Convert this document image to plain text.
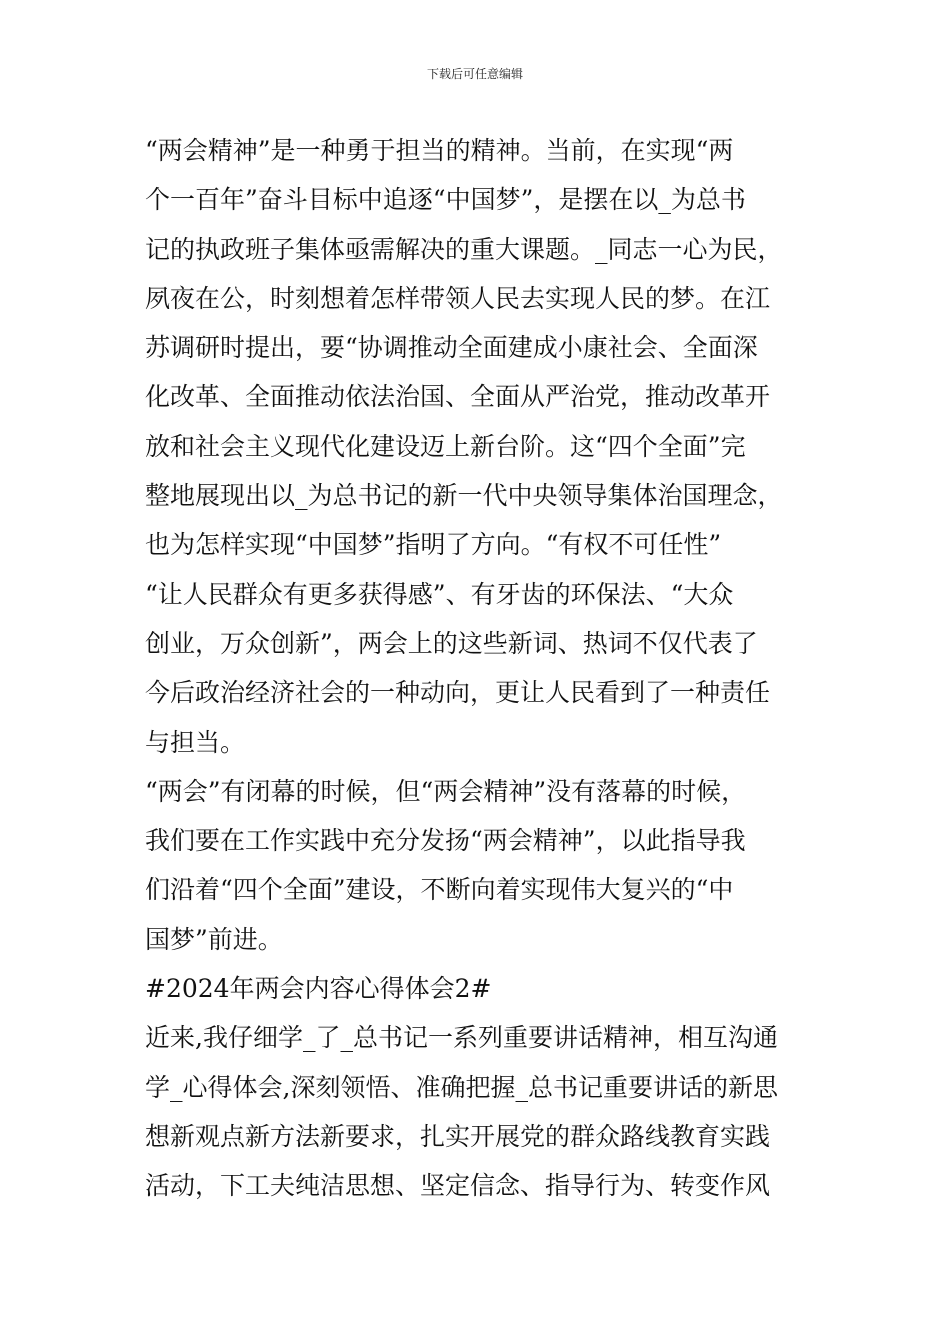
下载后可任意编辑
“两会精神”是一种勇于担当的精神。当前，在实现“两
个一百年”奋斗目标中追逐“中国梦”，是摆在以_为总书
记的执政班子集体亟需解决的重大课题。_同志一心为民，
夙夜在公，时刻想着怎样带领人民去实现人民的梦。在江
苏调研时提出，要“协调推动全面建成小康社会、全面深
化改革、全面推动依法治国、全面从严治党，推动改革开
放和社会主义现代化建设迈上新台阶。这“四个全面”完
整地展现出以_为总书记的新一代中央领导集体治国理念，
也为怎样实现“中国梦”指明了方向。“有权不可任性”
“让人民群众有更多获得感”、有牙齿的环保法、“大众
创业，万众创新”，两会上的这些新词、热词不仅代表了
今后政治经济社会的一种动向，更让人民看到了一种责任
与担当。
“两会”有闭幕的时候，但“两会精神”没有落幕的时候，
我们要在工作实践中充分发扬“两会精神”，以此指导我
们沿着“四个全面”建设，不断向着实现伟大复兴的“中
国梦”前进。
#2024年两会内容心得体会2#
近来,我仔细学_了_总书记一系列重要讲话精神，相互沟通
学_心得体会,深刻领悟、准确把握_总书记重要讲话的新思
想新观点新方法新要求，扎实开展党的群众路线教育实践
活动，下工夫纯洁思想、坚定信念、指导行为、转变作风
